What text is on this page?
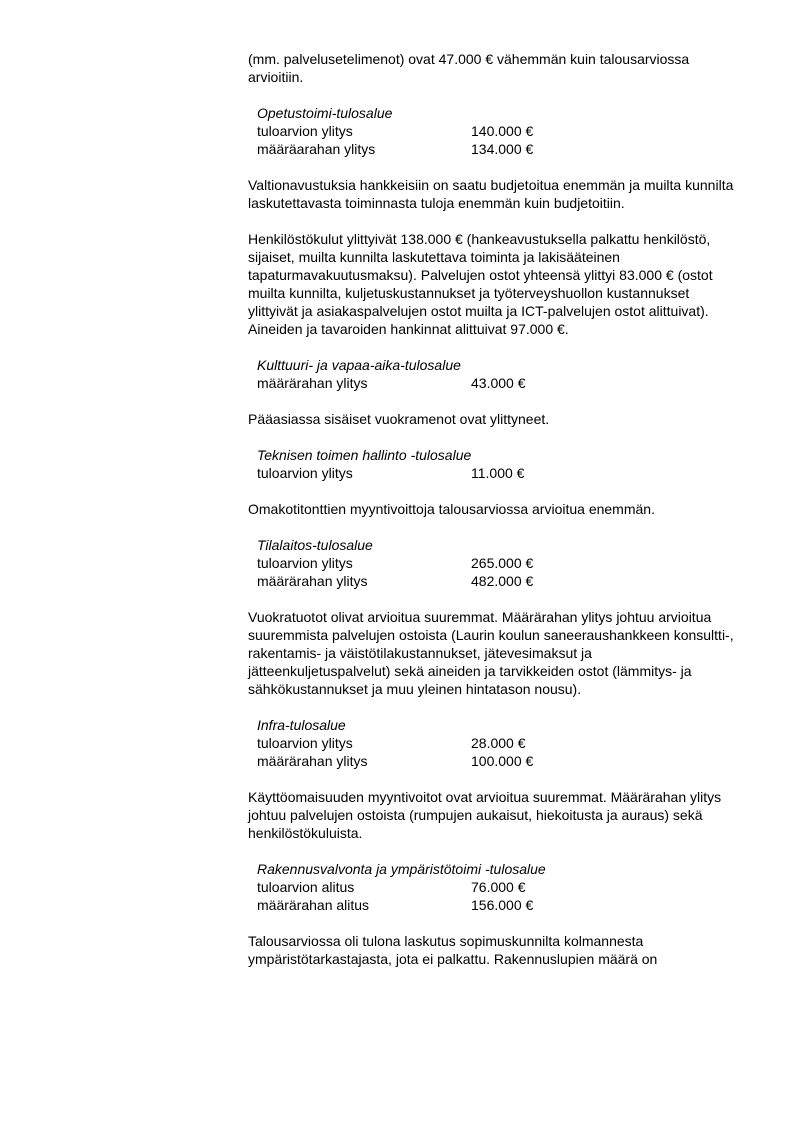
(mm. palvelusetelimenot) ovat 47.000 € vähemmän kuin talousarviossa arvioitiin.

Opetustoimi-tulosalue
tuloarvion ylitys	140.000 €
määräarahan ylitys	134.000 €

Valtionavustuksia hankkeisiin on saatu budjetoitua enemmän ja muilta kunnilta laskutettavasta toiminnasta tuloja enemmän kuin budjetoitiin.

Henkilöstökulut ylittyivät 138.000 € (hankeavustuksella palkattu henkilöstö, sijaiset, muilta kunnilta laskutettava toiminta ja lakisääteinen tapaturmavakuutusmaksu). Palvelujen ostot yhteensä ylittyi 83.000 € (ostot muilta kunnilta, kuljetuskustannukset ja työterveyshuollon kustannukset ylittyivät ja asiakaspalvelujen ostot muilta ja ICT-palvelujen ostot alittuivat). Aineiden ja tavaroiden hankinnat alittuivat 97.000 €.

Kulttuuri- ja vapaa-aika-tulosalue
määrärahan ylitys	43.000 €

Pääasiassa sisäiset vuokramenot ovat ylittyneet.

Teknisen toimen hallinto -tulosalue
tuloarvion ylitys	11.000 €

Omakotitonttien myyntivoittoja talousarviossa arvioitua enemmän.

Tilalaitos-tulosalue
tuloarvion ylitys	265.000 €
määrärahan ylitys	482.000 €

Vuokratuotot olivat arvioitua suuremmat. Määrärahan ylitys johtuu arvioitua suuremmista palvelujen ostoista (Laurin koulun saneeraushankkeen konsultti-, rakentamis- ja väistötilakustannukset, jätevesimaksut ja jätteenkuljetuspalvelut) sekä aineiden ja tarvikkeiden ostot (lämmitys- ja sähkökustannukset ja muu yleinen hintatason nousu).

Infra-tulosalue
tuloarvion ylitys	28.000 €
määrärahan ylitys	100.000 €

Käyttöomaisuuden myyntivoitot ovat arvioitua suuremmat. Määrärahan ylitys johtuu palvelujen ostoista (rumpujen aukaisut, hiekoitusta ja auraus) sekä henkilöstökuluista.

Rakennusvalvonta ja ympäristötoimi -tulosalue
tuloarvion alitus	76.000 €
määrärahan alitus	156.000 €

Talousarviossa oli tulona laskutus sopimuskunnilta kolmannesta ympäristötarkastajasta, jota ei palkattu. Rakennuslupien määrä on
